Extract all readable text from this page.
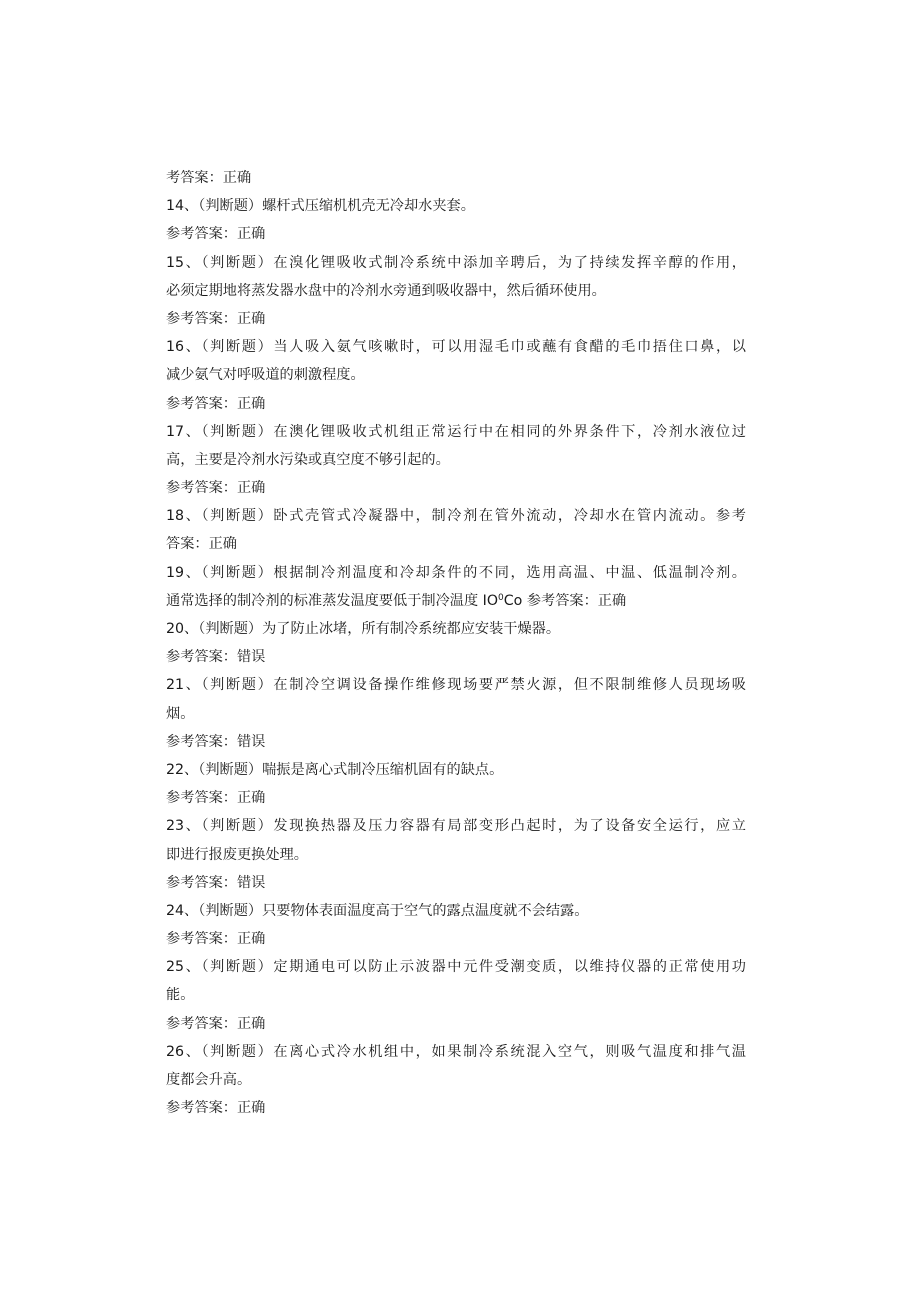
考答案：正确
14、（判断题）螺杆式压缩机机壳无冷却水夹套。
参考答案：正确
15、（判断题）在溴化锂吸收式制冷系统中添加辛聘后，为了持续发挥辛醇的作用，
必须定期地将蒸发器水盘中的冷剂水旁通到吸收器中，然后循环使用。
参考答案：正确
16、（判断题）当人吸入氨气咳嗽时，可以用湿毛巾或蘸有食醋的毛巾捂住口鼻，以
减少氨气对呼吸道的刺激程度。
参考答案：正确
17、（判断题）在澳化锂吸收式机组正常运行中在相同的外界条件下，冷剂水液位过
高，主要是冷剂水污染或真空度不够引起的。
参考答案：正确
18、（判断题）卧式壳管式冷凝器中，制冷剂在管外流动，冷却水在管内流动。参考
答案：正确
19、（判断题）根据制冷剂温度和冷却条件的不同，选用高温、中温、低温制冷剂。
通常选择的制冷剂的标准蒸发温度要低于制冷温度 $IO^0Co$ 参考答案：正确
20、（判断题）为了防止冰堵，所有制冷系统都应安装干燥器。
参考答案：错误
21、（判断题）在制冷空调设备操作维修现场要严禁火源，但不限制维修人员现场吸
烟。
参考答案：错误
22、（判断题）喘振是离心式制冷压缩机固有的缺点。
参考答案：正确
23、（判断题）发现换热器及压力容器有局部变形凸起时，为了设备安全运行，应立
即进行报废更换处理。
参考答案：错误
24、（判断题）只要物体表面温度高于空气的露点温度就不会结露。
参考答案：正确
25、（判断题）定期通电可以防止示波器中元件受潮变质，以维持仪器的正常使用功
能。
参考答案：正确
26、（判断题）在离心式冷水机组中，如果制冷系统混入空气，则吸气温度和排气温
度都会升高。
参考答案：正确
